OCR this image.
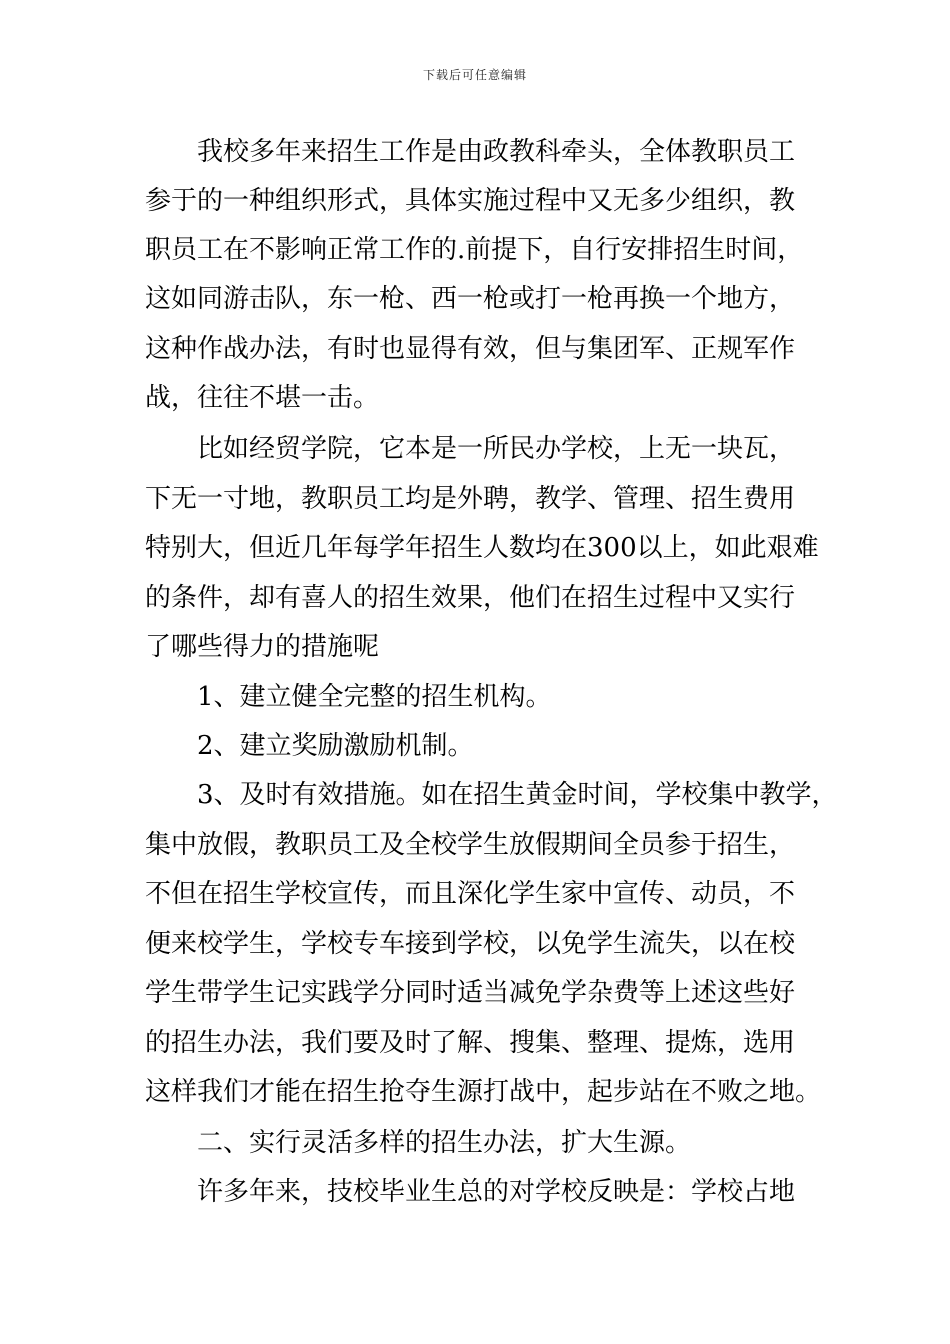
下载后可任意编辑
我校多年来招生工作是由政教科牵头，全体教职员工
参于的一种组织形式，具体实施过程中又无多少组织，教
职员工在不影响正常工作的.前提下，自行安排招生时间，
这如同游击队，东一枪、西一枪或打一枪再换一个地方，
这种作战办法，有时也显得有效，但与集团军、正规军作
战，往往不堪一击。
比如经贸学院，它本是一所民办学校，上无一块瓦，
下无一寸地，教职员工均是外聘，教学、管理、招生费用
特别大，但近几年每学年招生人数均在300以上，如此艰难
的条件，却有喜人的招生效果，他们在招生过程中又实行
了哪些得力的措施呢
1、建立健全完整的招生机构。
2、建立奖励激励机制。
3、及时有效措施。如在招生黄金时间，学校集中教学，
集中放假，教职员工及全校学生放假期间全员参于招生，
不但在招生学校宣传，而且深化学生家中宣传、动员，不
便来校学生，学校专车接到学校，以免学生流失，以在校
学生带学生记实践学分同时适当减免学杂费等上述这些好
的招生办法，我们要及时了解、搜集、整理、提炼，选用
这样我们才能在招生抢夺生源打战中，起步站在不败之地。
二、实行灵活多样的招生办法，扩大生源。
许多年来，技校毕业生总的对学校反映是：学校占地
